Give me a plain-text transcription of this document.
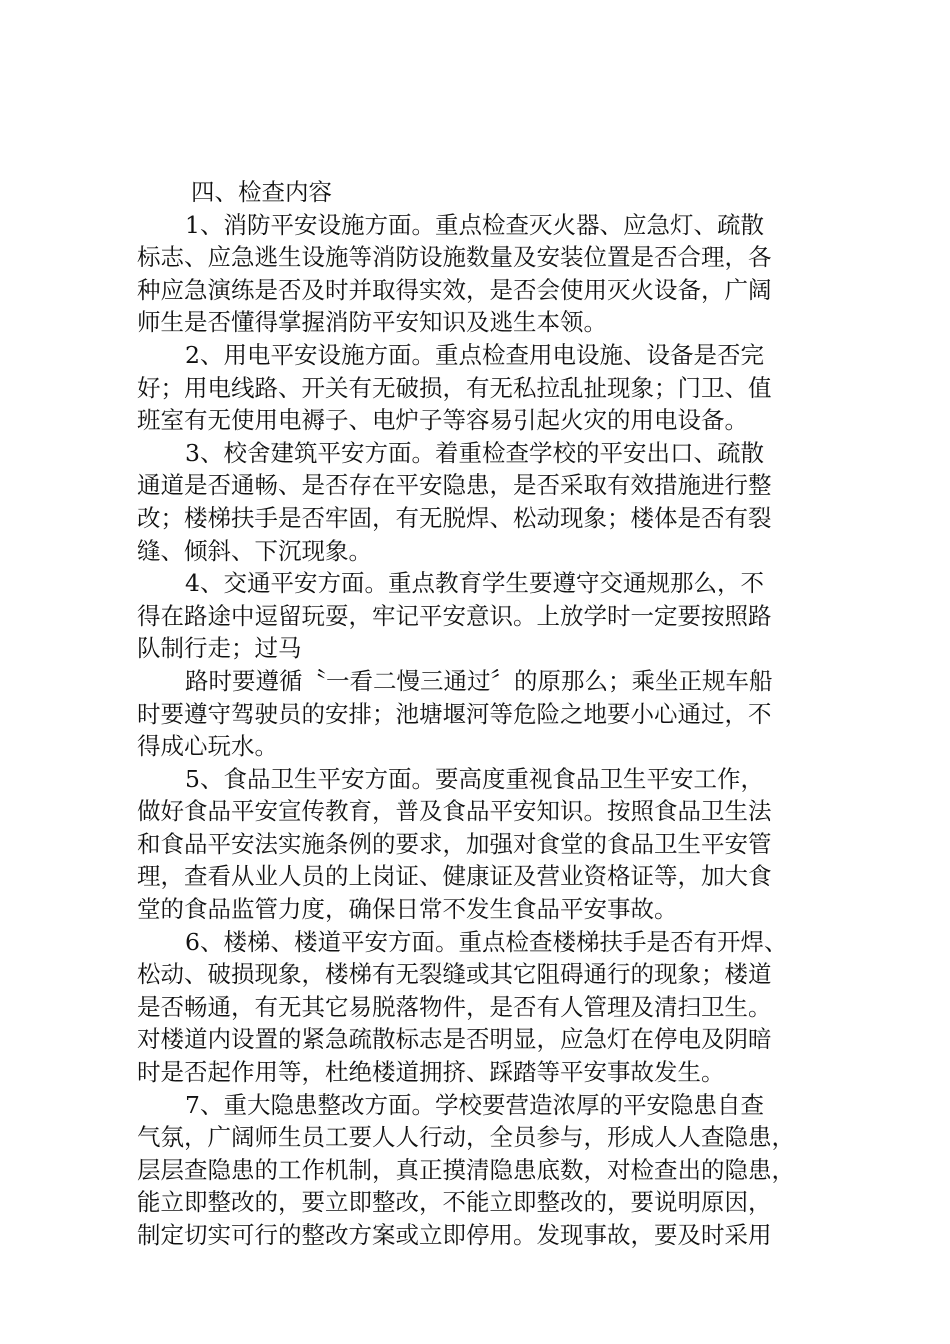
四、检查内容
1、消防平安设施方面。重点检查灭火器、应急灯、疏散
标志、应急逃生设施等消防设施数量及安装位置是否合理，各
种应急演练是否及时并取得实效，是否会使用灭火设备，广阔
师生是否懂得掌握消防平安知识及逃生本领。
2、用电平安设施方面。重点检查用电设施、设备是否完
好；用电线路、开关有无破损，有无私拉乱扯现象；门卫、值
班室有无使用电褥子、电炉子等容易引起火灾的用电设备。
3、校舍建筑平安方面。着重检查学校的平安出口、疏散
通道是否通畅、是否存在平安隐患，是否采取有效措施进行整
改；楼梯扶手是否牢固，有无脱焊、松动现象；楼体是否有裂
缝、倾斜、下沉现象。
4、交通平安方面。重点教育学生要遵守交通规那么，不
得在路途中逗留玩耍，牢记平安意识。上放学时一定要按照路
队制行走；过马
路时要遵循〝一看二慢三通过〞的原那么；乘坐正规车船
时要遵守驾驶员的安排；池塘堰河等危险之地要小心通过，不
得成心玩水。
5、食品卫生平安方面。要高度重视食品卫生平安工作，
做好食品平安宣传教育，普及食品平安知识。按照食品卫生法
和食品平安法实施条例的要求，加强对食堂的食品卫生平安管
理，查看从业人员的上岗证、健康证及营业资格证等，加大食
堂的食品监管力度，确保日常不发生食品平安事故。
6、楼梯、楼道平安方面。重点检查楼梯扶手是否有开焊、
松动、破损现象，楼梯有无裂缝或其它阻碍通行的现象；楼道
是否畅通，有无其它易脱落物件，是否有人管理及清扫卫生。
对楼道内设置的紧急疏散标志是否明显，应急灯在停电及阴暗
时是否起作用等，杜绝楼道拥挤、踩踏等平安事故发生。
7、重大隐患整改方面。学校要营造浓厚的平安隐患自查
气氛，广阔师生员工要人人行动，全员参与，形成人人查隐患，
层层查隐患的工作机制，真正摸清隐患底数，对检查出的隐患，
能立即整改的，要立即整改，不能立即整改的，要说明原因，
制定切实可行的整改方案或立即停用。发现事故，要及时采用
